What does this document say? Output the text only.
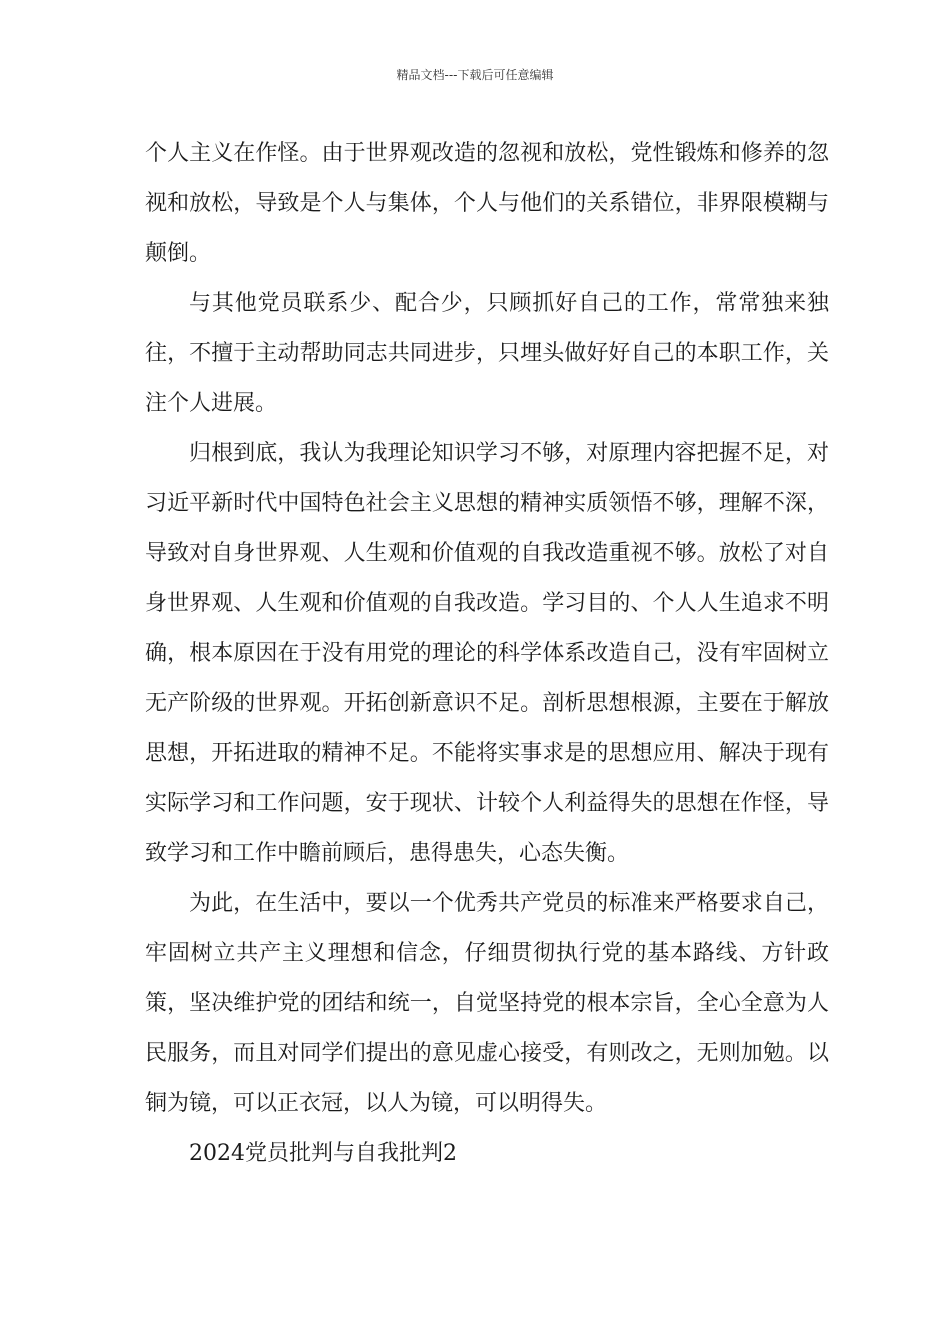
精品文档---下载后可任意编辑

个人主义在作怪。由于世界观改造的忽视和放松，党性锻炼和修养的忽视和放松，导致是个人与集体，个人与他们的关系错位，非界限模糊与颠倒。

与其他党员联系少、配合少，只顾抓好自己的工作，常常独来独往，不擅于主动帮助同志共同进步，只埋头做好好自己的本职工作，关注个人进展。

归根到底，我认为我理论知识学习不够，对原理内容把握不足，对习近平新时代中国特色社会主义思想的精神实质领悟不够，理解不深，导致对自身世界观、人生观和价值观的自我改造重视不够。放松了对自身世界观、人生观和价值观的自我改造。学习目的、个人人生追求不明确，根本原因在于没有用党的理论的科学体系改造自己，没有牢固树立无产阶级的世界观。开拓创新意识不足。剖析思想根源，主要在于解放思想，开拓进取的精神不足。不能将实事求是的思想应用、解决于现有实际学习和工作问题，安于现状、计较个人利益得失的思想在作怪，导致学习和工作中瞻前顾后，患得患失，心态失衡。

为此，在生活中，要以一个优秀共产党员的标准来严格要求自己，牢固树立共产主义理想和信念，仔细贯彻执行党的基本路线、方针政策，坚决维护党的团结和统一，自觉坚持党的根本宗旨，全心全意为人民服务，而且对同学们提出的意见虚心接受，有则改之，无则加勉。以铜为镜，可以正衣冠，以人为镜，可以明得失。

2024党员批判与自我批判2
